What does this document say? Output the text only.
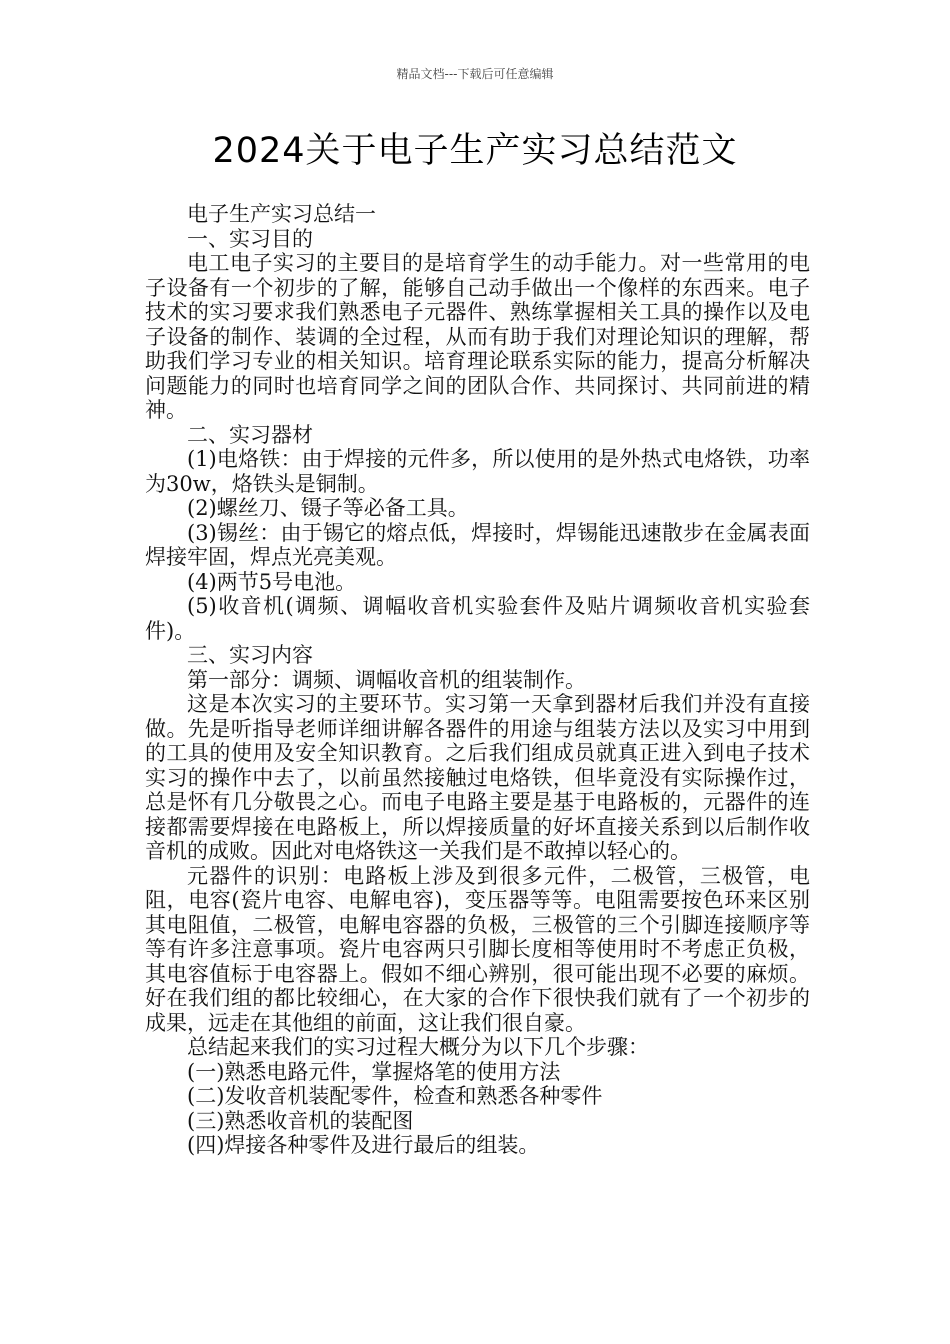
精品文档---下载后可任意编辑
2024关于电子生产实习总结范文

电子生产实习总结一

一、实习目的

电工电子实习的主要目的是培育学生的动手能力。对一些常用的电子设备有一个初步的了解，能够自己动手做出一个像样的东西来。电子技术的实习要求我们熟悉电子元器件、熟练掌握相关工具的操作以及电子设备的制作、装调的全过程，从而有助于我们对理论知识的理解，帮助我们学习专业的相关知识。培育理论联系实际的能力，提高分析解决问题能力的同时也培育同学之间的团队合作、共同探讨、共同前进的精神。

二、实习器材

(1)电烙铁：由于焊接的元件多，所以使用的是外热式电烙铁，功率为30w，烙铁头是铜制。

(2)螺丝刀、镊子等必备工具。

(3)锡丝：由于锡它的熔点低，焊接时，焊锡能迅速散步在金属表面焊接牢固，焊点光亮美观。

(4)两节5号电池。

(5)收音机(调频、调幅收音机实验套件及贴片调频收音机实验套件)。

三、实习内容

第一部分：调频、调幅收音机的组装制作。

这是本次实习的主要环节。实习第一天拿到器材后我们并没有直接做。先是听指导老师详细讲解各器件的用途与组装方法以及实习中用到的工具的使用及安全知识教育。之后我们组成员就真正进入到电子技术实习的操作中去了，以前虽然接触过电烙铁，但毕竟没有实际操作过，总是怀有几分敬畏之心。而电子电路主要是基于电路板的，元器件的连接都需要焊接在电路板上，所以焊接质量的好坏直接关系到以后制作收音机的成败。因此对电烙铁这一关我们是不敢掉以轻心的。

元器件的识别：电路板上涉及到很多元件，二极管，三极管，电阻，电容(瓷片电容、电解电容)，变压器等等。电阻需要按色环来区别其电阻值，二极管，电解电容器的负极，三极管的三个引脚连接顺序等等有许多注意事项。瓷片电容两只引脚长度相等使用时不考虑正负极，其电容值标于电容器上。假如不细心辨别，很可能出现不必要的麻烦。好在我们组的都比较细心，在大家的合作下很快我们就有了一个初步的成果，远走在其他组的前面，这让我们很自豪。

总结起来我们的实习过程大概分为以下几个步骤：

(一)熟悉电路元件，掌握烙笔的使用方法

(二)发收音机装配零件，检查和熟悉各种零件

(三)熟悉收音机的装配图

(四)焊接各种零件及进行最后的组装。
